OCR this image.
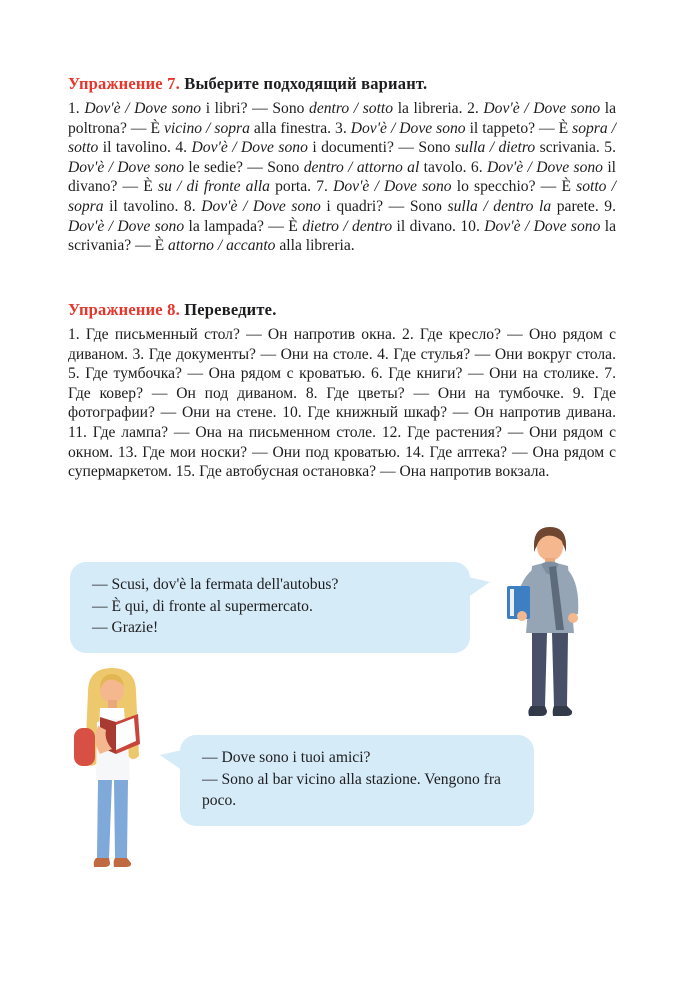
Упражнение 7. Выберите подходящий вариант.

1. Dov'è / Dove sono i libri? — Sono dentro / sotto la libreria. 2. Dov'è / Dove sono la poltrona? — È vicino / sopra alla finestra. 3. Dov'è / Dove sono il tappeto? — È sopra / sotto il tavolino. 4. Dov'è / Dove sono i documenti? — Sono sulla / dietro scrivania. 5. Dov'è / Dove sono le sedie? — Sono dentro / attorno al tavolo. 6. Dov'è / Dove sono il divano? — È su / di fronte alla porta. 7. Dov'è / Dove sono lo specchio? — È sotto / sopra il tavolino. 8. Dov'è / Dove sono i quadri? — Sono sulla / dentro la parete. 9. Dov'è / Dove sono la lampada? — È dietro / dentro il divano. 10. Dov'è / Dove sono la scrivania? — È attorno / accanto alla libreria.

Упражнение 8. Переведите.

1. Где письменный стол? — Он напротив окна. 2. Где кресло? — Оно рядом с диваном. 3. Где документы? — Они на столе. 4. Где стулья? — Они вокруг стола. 5. Где тумбочка? — Она рядом с кроватью. 6. Где книги? — Они на столике. 7. Где ковер? — Он под диваном. 8. Где цветы? — Они на тумбочке. 9. Где фотографии? — Они на стене. 10. Где книжный шкаф? — Он напротив дивана. 11. Где лампа? — Она на письменном столе. 12. Где растения? — Они рядом с окном. 13. Где мои носки? — Они под кроватью. 14. Где аптека? — Она рядом с супермаркетом. 15. Где автобусная остановка? — Она напротив вокзала.

— Scusi, dov'è la fermata dell'autobus?

— È qui, di fronte al supermercato.

— Grazie!

— Dove sono i tuoi amici?

— Sono al bar vicino alla stazione. Vengono fra poco.
